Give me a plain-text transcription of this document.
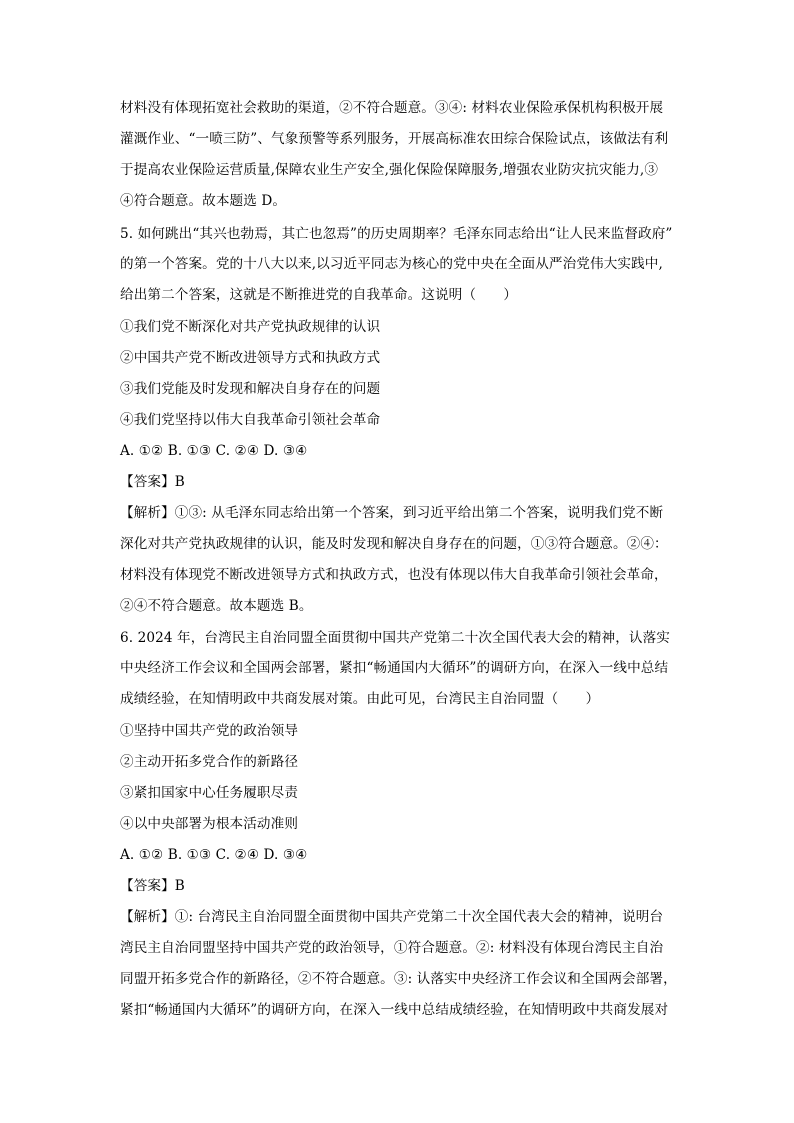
材料没有体现拓宽社会救助的渠道，②不符合题意。③④: 材料农业保险承保机构积极开展
灌溉作业、“一喷三防”、气象预警等系列服务，开展高标准农田综合保险试点，该做法有利
于提高农业保险运营质量,保障农业生产安全,强化保险保障服务,增强农业防灾抗灾能力,③
④符合题意。故本题选 D。
5. 如何跳出“其兴也勃焉，其亡也忽焉”的历史周期率？毛泽东同志给出“让人民来监督政府”
的第一个答案。党的十八大以来,以习近平同志为核心的党中央在全面从严治党伟大实践中,
给出第二个答案，这就是不断推进党的自我革命。这说明（　　）
①我们党不断深化对共产党执政规律的认识
②中国共产党不断改进领导方式和执政方式
③我们党能及时发现和解决自身存在的问题
④我们党坚持以伟大自我革命引领社会革命
A. ①② B. ①③ C. ②④ D. ③④
【答案】B
【解析】①③: 从毛泽东同志给出第一个答案，到习近平给出第二个答案，说明我们党不断
深化对共产党执政规律的认识，能及时发现和解决自身存在的问题，①③符合题意。②④：
材料没有体现党不断改进领导方式和执政方式，也没有体现以伟大自我革命引领社会革命，
②④不符合题意。故本题选 B。
6. 2024 年，台湾民主自治同盟全面贯彻中国共产党第二十次全国代表大会的精神，认落实
中央经济工作会议和全国两会部署，紧扣“畅通国内大循环”的调研方向，在深入一线中总结
成绩经验，在知情明政中共商发展对策。由此可见，台湾民主自治同盟（　　）
①坚持中国共产党的政治领导
②主动开拓多党合作的新路径
③紧扣国家中心任务履职尽责
④以中央部署为根本活动准则
A. ①② B. ①③ C. ②④ D. ③④
【答案】B
【解析】①: 台湾民主自治同盟全面贯彻中国共产党第二十次全国代表大会的精神，说明台
湾民主自治同盟坚持中国共产党的政治领导，①符合题意。②: 材料没有体现台湾民主自治
同盟开拓多党合作的新路径，②不符合题意。③: 认落实中央经济工作会议和全国两会部署，
紧扣“畅通国内大循环”的调研方向，在深入一线中总结成绩经验，在知情明政中共商发展对
